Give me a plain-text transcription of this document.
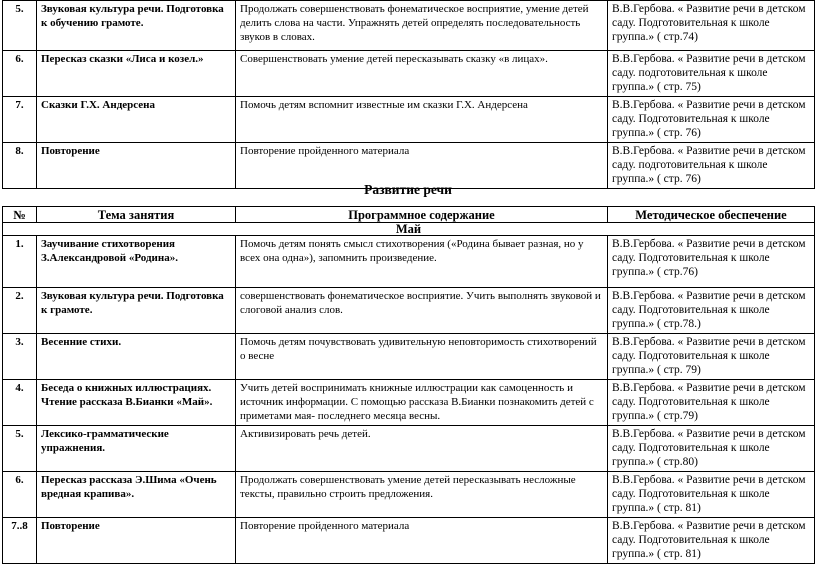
5.	Звуковая культура речи. Подготовка к обучению грамоте.	Продолжать совершенствовать фонематическое восприятие, умение детей делить слова на части. Упражнять детей определять последовательность звуков в словах.	В.В.Гербова. « Развитие речи в детском саду. Подготовительная к школе группа.» ( стр.74)
6.	Пересказ сказки «Лиса и козел.»	Совершенствовать умение детей пересказывать сказку «в лицах».	В.В.Гербова. « Развитие речи в детском саду. подготовительная к школе группа.» ( стр. 75)
7.	Сказки Г.Х. Андерсена	Помочь детям вспомнит известные им сказки Г.Х. Андерсена	В.В.Гербова. « Развитие речи в детском саду. Подготовительная к школе группа.» ( стр. 76)
8.	Повторение	Повторение пройденного материала	В.В.Гербова. « Развитие речи в детском саду. подготовительная к школе группа.» ( стр. 76)
Развитие речи
№	Тема занятия	Программное содержание	Методическое обеспечение
Май			
1.	Заучивание стихотворения З.Александровой «Родина».	Помочь детям понять смысл стихотворения («Родина бывает разная, но у всех она одна»), запомнить произведение.	В.В.Гербова. « Развитие речи в детском саду. Подготовительная к школе группа.» ( стр.76)
2.	Звуковая культура речи. Подготовка к грамоте.	совершенствовать фонематическое восприятие. Учить выполнять звуковой и слоговой анализ слов.	В.В.Гербова. « Развитие речи в детском саду. Подготовительная к школе группа.» ( стр.78.)
3.	Весенние стихи.	Помочь детям почувствовать удивительную неповторимость стихотворений о весне	В.В.Гербова. « Развитие речи в детском саду. Подготовительная к школе группа.» ( стр. 79)
4.	Беседа о книжных иллюстрациях. Чтение рассказа В.Бианки «Май».	Учить детей воспринимать книжные иллюстрации как самоценность и источник информации. С помощью рассказа В.Бианки познакомить детей с приметами мая- последнего месяца весны.	В.В.Гербова. « Развитие речи в детском саду. Подготовительная к школе группа.» ( стр.79)
5.	Лексико-грамматические упражнения.	Активизировать речь детей.	В.В.Гербова. « Развитие речи в детском саду. Подготовительная к школе группа.» ( стр.80)
6.	Пересказ рассказа Э.Шима «Очень вредная крапива».	Продолжать совершенствовать умение детей пересказывать несложные тексты, правильно строить предложения.	В.В.Гербова. « Развитие речи в детском саду. Подготовительная к школе группа.» ( стр. 81)
7..8	Повторение	Повторение пройденного материала	В.В.Гербова. « Развитие речи в детском саду. Подготовительная к школе группа.» ( стр. 81)
